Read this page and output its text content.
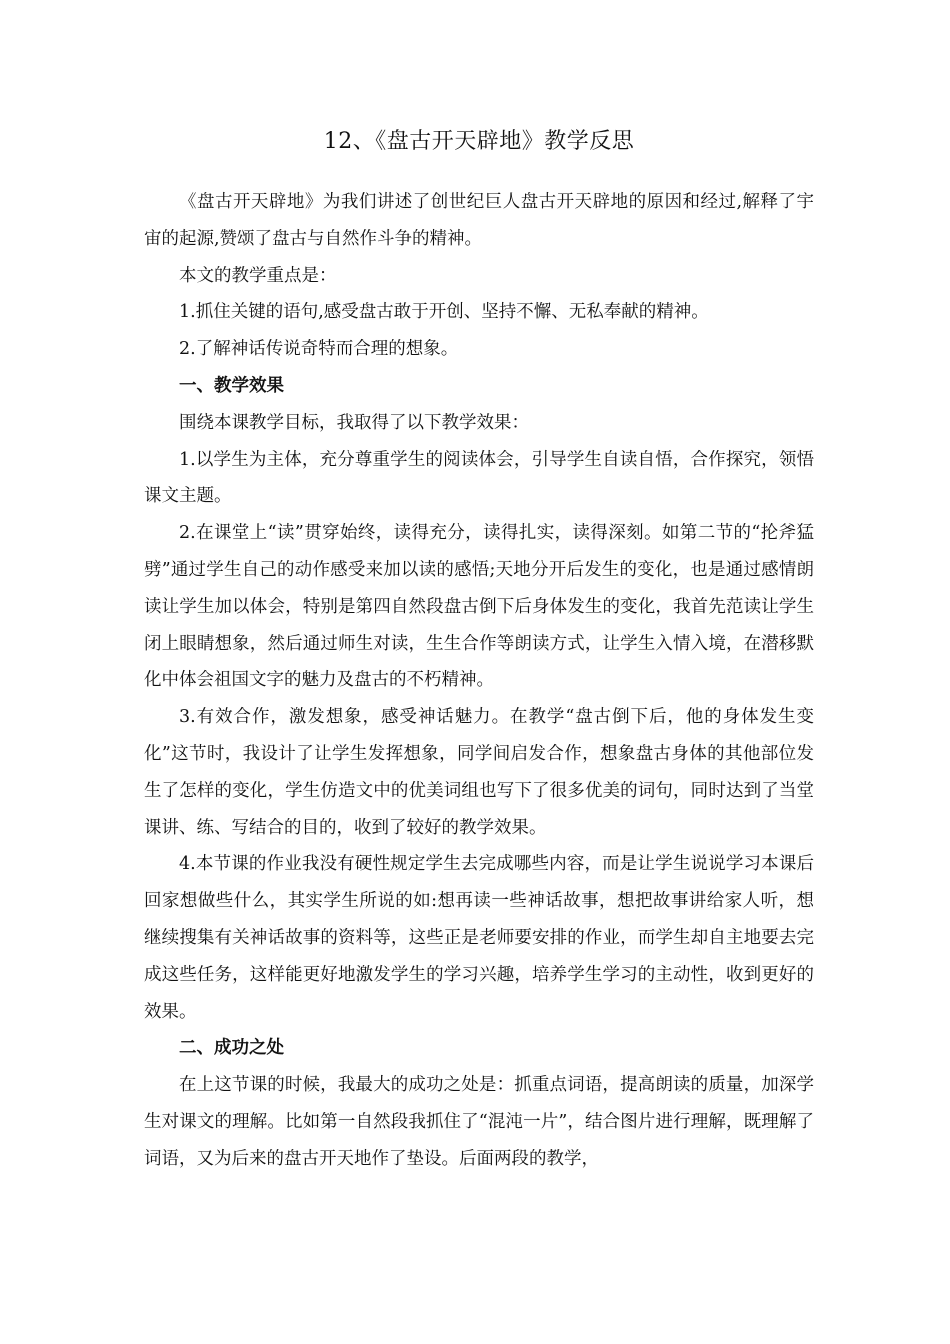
12、《盘古开天辟地》教学反思

《盘古开天辟地》为我们讲述了创世纪巨人盘古开天辟地的原因和经过,解释了宇宙的起源,赞颂了盘古与自然作斗争的精神。

本文的教学重点是：

1.抓住关键的语句,感受盘古敢于开创、坚持不懈、无私奉献的精神。

2.了解神话传说奇特而合理的想象。

一、教学效果

围绕本课教学目标，我取得了以下教学效果：

1.以学生为主体，充分尊重学生的阅读体会，引导学生自读自悟，合作探究，领悟课文主题。

2.在课堂上“读”贯穿始终，读得充分，读得扎实，读得深刻。如第二节的“抡斧猛劈”通过学生自己的动作感受来加以读的感悟;天地分开后发生的变化，也是通过感情朗读让学生加以体会，特别是第四自然段盘古倒下后身体发生的变化，我首先范读让学生闭上眼睛想象，然后通过师生对读，生生合作等朗读方式，让学生入情入境，在潜移默化中体会祖国文字的魅力及盘古的不朽精神。

3.有效合作，激发想象，感受神话魅力。在教学“盘古倒下后，他的身体发生变化”这节时，我设计了让学生发挥想象，同学间启发合作，想象盘古身体的其他部位发生了怎样的变化，学生仿造文中的优美词组也写下了很多优美的词句，同时达到了当堂课讲、练、写结合的目的，收到了较好的教学效果。

4.本节课的作业我没有硬性规定学生去完成哪些内容，而是让学生说说学习本课后回家想做些什么，其实学生所说的如:想再读一些神话故事，想把故事讲给家人听，想继续搜集有关神话故事的资料等，这些正是老师要安排的作业，而学生却自主地要去完成这些任务，这样能更好地激发学生的学习兴趣，培养学生学习的主动性，收到更好的效果。

二、成功之处

在上这节课的时候，我最大的成功之处是：抓重点词语，提高朗读的质量，加深学生对课文的理解。比如第一自然段我抓住了“混沌一片”，结合图片进行理解，既理解了词语，又为后来的盘古开天地作了垫设。后面两段的教学，
